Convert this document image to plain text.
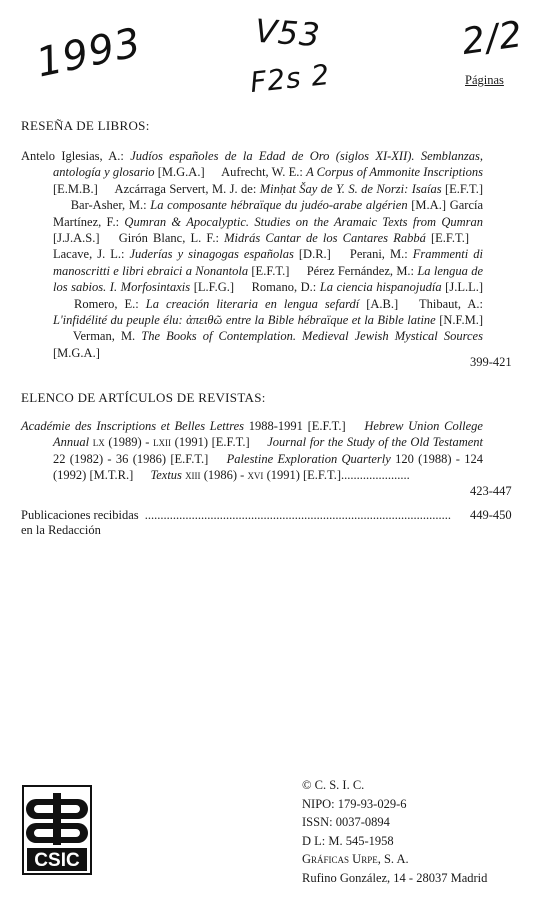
1993	V53
F2s 2
2/2
Páginas
RESEÑA DE LIBROS:
Antelo Iglesias, A.: Judíos españoles de la Edad de Oro (siglos XI-XII). Semblanzas, antología y glosario [M.G.A.] Aufrecht, W. E.: A Corpus of Ammonite Inscriptions [E.M.B.] Azcárraga Servert, M. J. de: Minḥat Šay de Y. S. de Norzi: Isaías [E.F.T.] Bar-Asher, M.: La composante hébraïque du judéo-arabe algérien [M.A.] García Martínez, F.: Qumran & Apocalyptic. Studies on the Aramaic Texts from Qumran [J.J.A.S.] Girón Blanc, L. F.: Midrás Cantar de los Cantares Rabbá [E.F.T.] Lacave, J. L.: Juderías y sinagogas españolas [D.R.] Perani, M.: Frammenti di manoscritti e libri ebraici a Nonantola [E.F.T.] Pérez Fernández, M.: La lengua de los sabios. I. Morfosintaxis [L.F.G.] Romano, D.: La ciencia hispanojudía [J.L.L.] Romero, E.: La creación literaria en lengua sefardí [A.B.] Thibaut, A.: L'infidélité du peuple élu: ἀπειθῶ entre la Bible hébraïque et la Bible latine [N.F.M.] Verman, M. The Books of Contemplation. Medieval Jewish Mystical Sources [M.G.A.]
399-421
ELENCO DE ARTÍCULOS DE REVISTAS:
Académie des Inscriptions et Belles Lettres 1988-1991 [E.F.T.] Hebrew Union College Annual lx (1989) - lxii (1991) [E.F.T.] Journal for the Study of the Old Testament 22 (1982) - 36 (1986) [E.F.T.] Palestine Exploration Quarterly 120 (1988) - 124 (1992) [M.T.R.] Textus xiii (1986) - xvi (1991) [E.F.T.]......................
423-447
Publicaciones recibidas en la Redacción
.................................................................................................. 449-450
CSIC
© C. S. I. C.
NIPO: 179-93-029-6
ISSN: 0037-0894
D L: M. 545-1958
Gráficas Urpe, S. A.
Rufino González, 14 - 28037 Madrid
